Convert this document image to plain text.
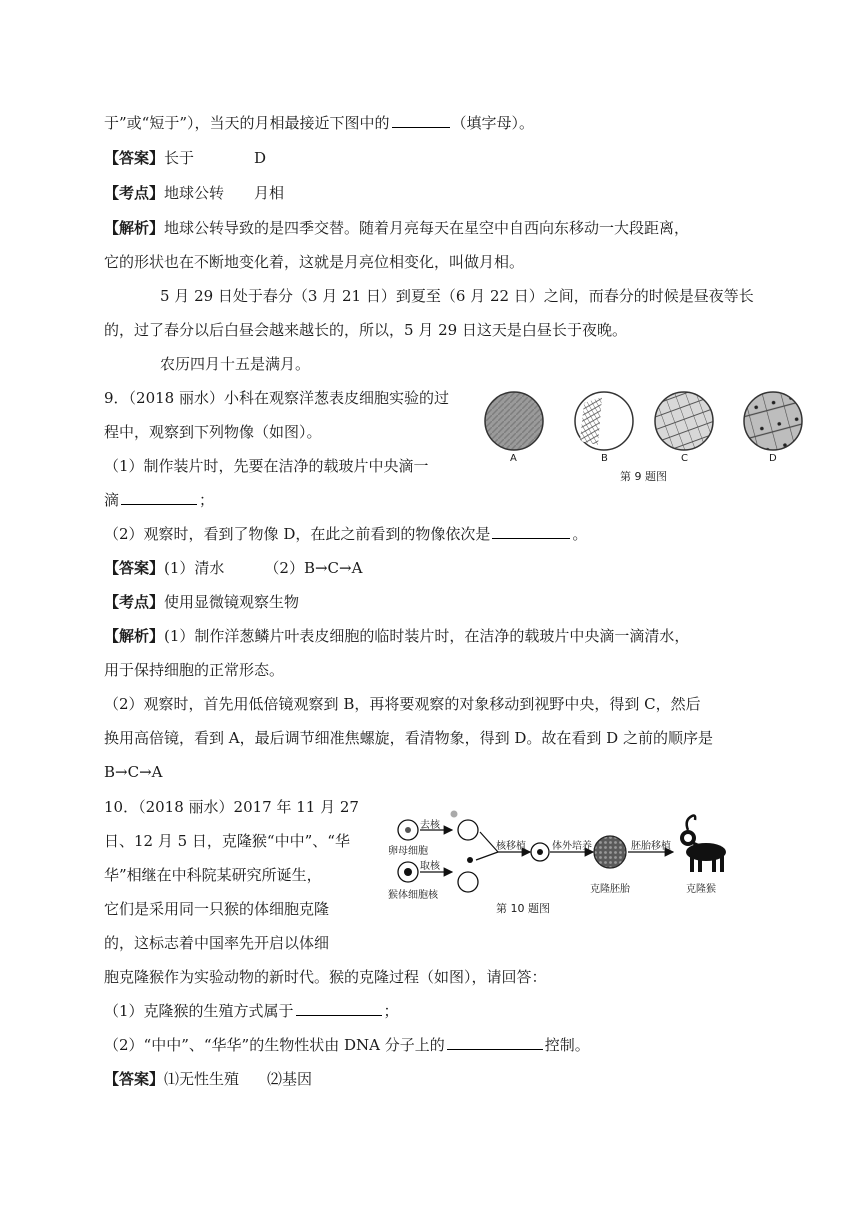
于”或“短于”），当天的月相最接近下图中的	（填字母）。
【答案】长于	D
【考点】地球公转 月相
【解析】地球公转导致的是四季交替。随着月亮每天在星空中自西向东移动一大段距离，
它的形状也在不断地变化着，这就是月亮位相变化，叫做月相。
5 月 29 日处于春分（3 月 21 日）到夏至（6 月 22 日）之间，而春分的时候是昼夜等长
的，过了春分以后白昼会越来越长的，所以，5 月 29 日这天是白昼长于夜晚。
农历四月十五是满月。
9．（2018 丽水）小科在观察洋葱表皮细胞实验的过
程中，观察到下列物像（如图）。
（1）制作装片时，先要在洁净的载玻片中央滴一
滴	；
（2）观察时，看到了物像 D，在此之前看到的物像依次是	。
【答案】(1）清水	（2）B→C→A
【考点】使用显微镜观察生物
【解析】(1）制作洋葱鳞片叶表皮细胞的临时装片时，在洁净的载玻片中央滴一滴清水，
用于保持细胞的正常形态。
（2）观察时，首先用低倍镜观察到 B，再将要观察的对象移动到视野中央，得到 C，然后
换用高倍镜，看到 A，最后调节细准焦螺旋，看清物象，得到 D。故在看到 D 之前的顺序是
B→C→A
A	B	C	D
第 9 题图
10．（2018 丽水）2017 年 11 月 27
日、12 月 5 日，克隆猴“中中”、“华
华”相继在中科院某研究所诞生，
它们是采用同一只猴的体细胞克隆
的，这标志着中国率先开启以体细
胞克隆猴作为实验动物的新时代。猴的克隆过程（如图），请回答：
（1）克隆猴的生殖方式属于	；
（2）“中中”、“华华”的生物性状由 DNA 分子上的	控制。
【答案】⑴无性生殖 ⑵基因
去核
取核
卵母细胞
猴体细胞核
核移植	体外培养	胚胎移植
克隆胚胎	克隆猴
第 10 题图
